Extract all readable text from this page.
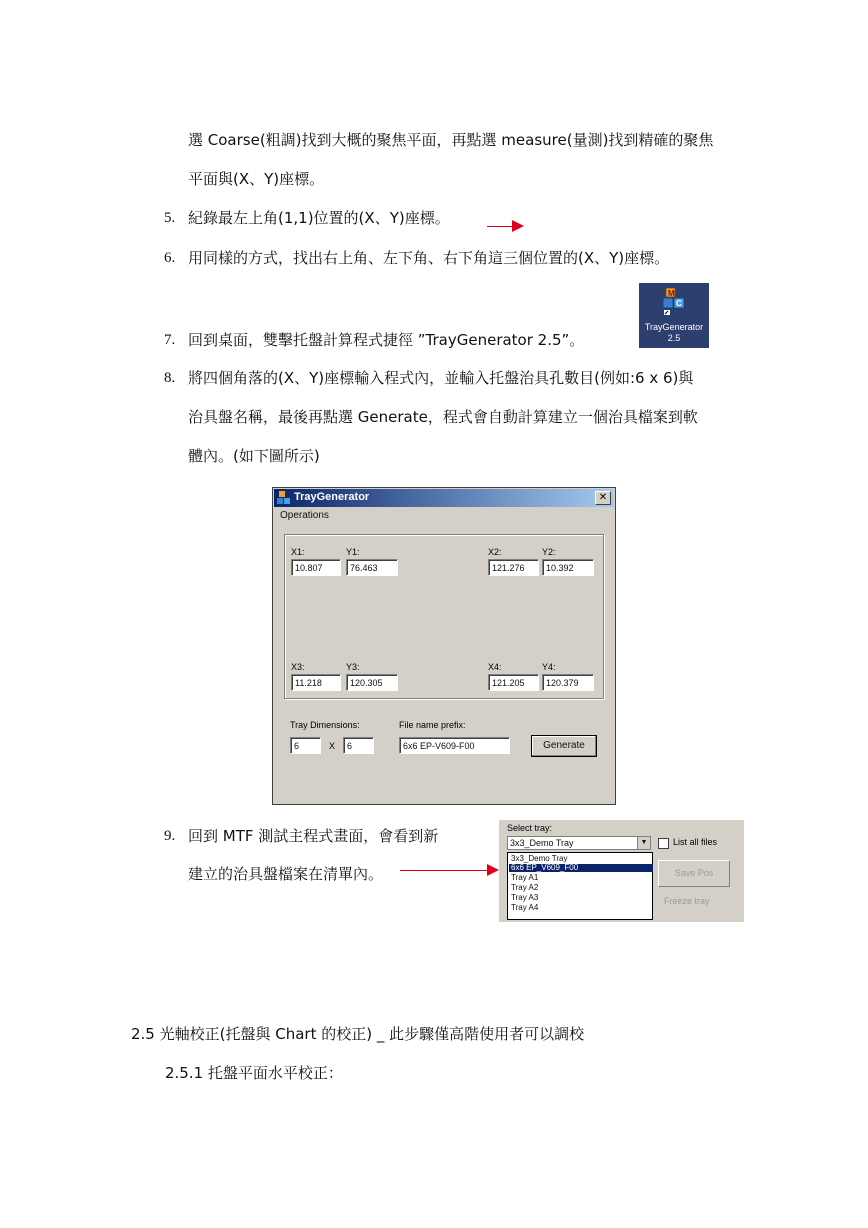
選 Coarse(粗調)找到大概的聚焦平面，再點選 measure(量測)找到精確的聚焦
平面與(X、Y)座標。
5. 紀錄最左上角(1,1)位置的(X、Y)座標。
6. 用同樣的方式，找出右上角、左下角、右下角這三個位置的(X、Y)座標。
7. 回到桌面，雙擊托盤計算程式捷徑 ”TrayGenerator 2.5”。
M
C
TrayGenerator
2.5
8. 將四個角落的(X、Y)座標輸入程式內，並輸入托盤治具孔數目(例如:6 x 6)與
治具盤名稱，最後再點選 Generate，程式會自動計算建立一個治具檔案到軟
體內。(如下圖所示)
TrayGenerator	✕
Operations
X1:	Y1:
10.807	76.463
X2:	Y2:
121.276	10.392
X3:	Y3:
11.218	120.305
X4:	Y4:
121.205	120.379
Tray Dimensions:
6	X	6
File name prefix:
6x6 EP-V609-F00	Generate
9. 回到 MTF 測試主程式畫面，會看到新
建立的治具盤檔案在清單內。
Select tray:
3x3_Demo Tray	▼	List all files
3x3_Demo Tray
6x6 EP_V609_F00
Tray A1
Tray A2
Tray A3
Tray A4
Save Pos
Freeze tray
2.5 光軸校正(托盤與 Chart 的校正) _ 此步驟僅高階使用者可以調校
2.5.1 托盤平面水平校正：
